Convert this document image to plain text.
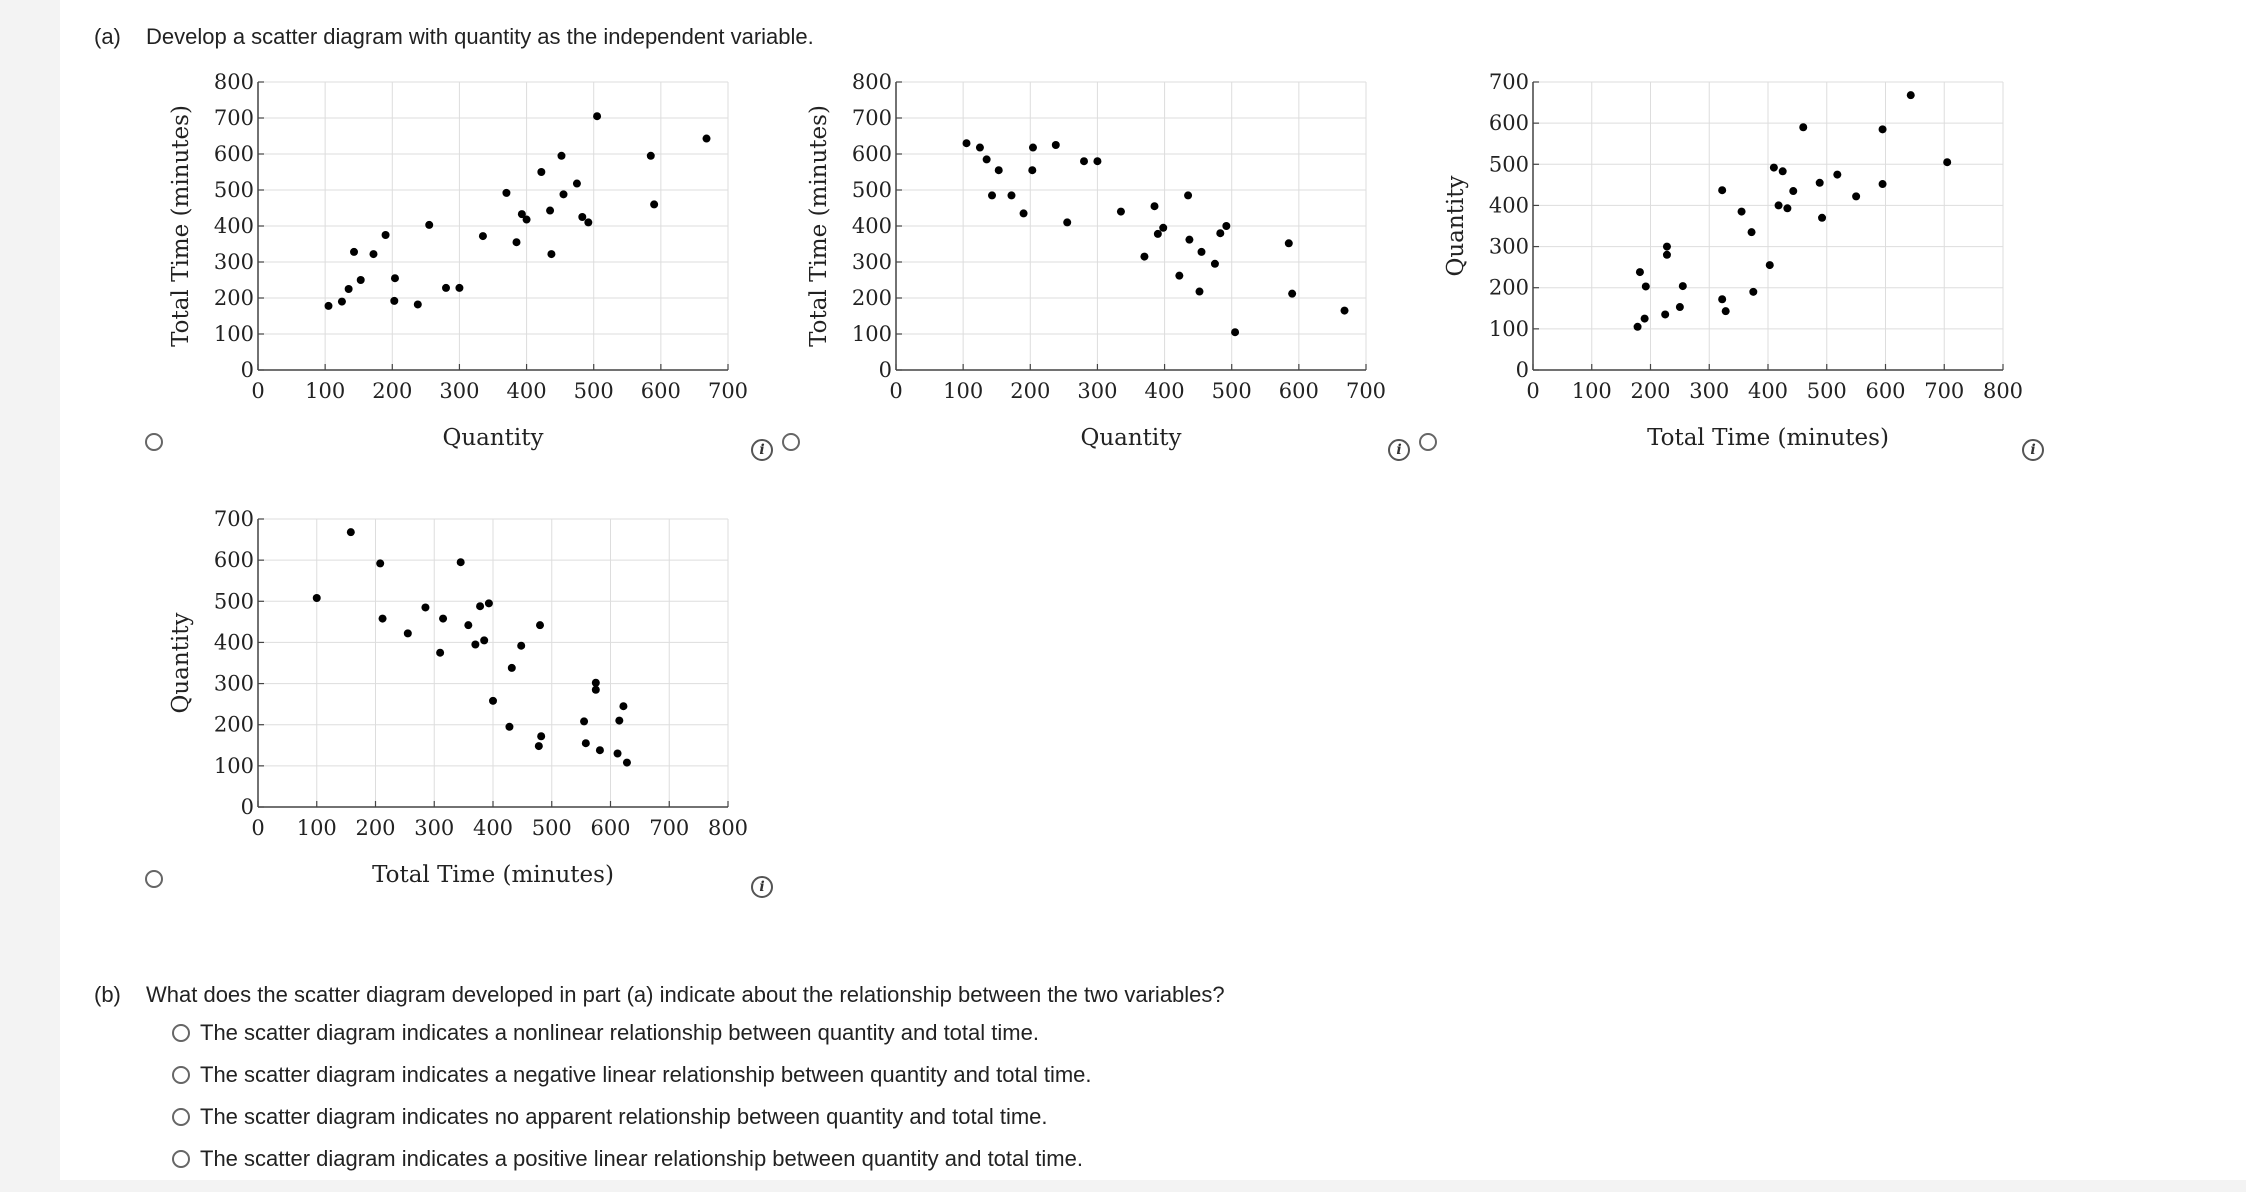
(a) Develop a scatter diagram with quantity as the independent variable.
0 100 200 300 400 500 600 700
0
100
200
300
400
500
600
700
800
Quantity
Total Time (minutes)
0 100 200 300 400 500 600 700
0
100
200
300
400
500
600
700
800
Quantity
Total Time (minutes)
0 100 200 300 400 500 600 700 800
0
100
200
300
400
500
600
700
Total Time (minutes)
Quantity
0 100 200 300 400 500 600 700 800
0
100
200
300
400
500
600
700
Total Time (minutes)
Quantity
i	i	i
i
(b) What does the scatter diagram developed in part (a) indicate about the relationship between the two variables?
The scatter diagram indicates a nonlinear relationship between quantity and total time.
The scatter diagram indicates a negative linear relationship between quantity and total time.
The scatter diagram indicates no apparent relationship between quantity and total time.
The scatter diagram indicates a positive linear relationship between quantity and total time.
